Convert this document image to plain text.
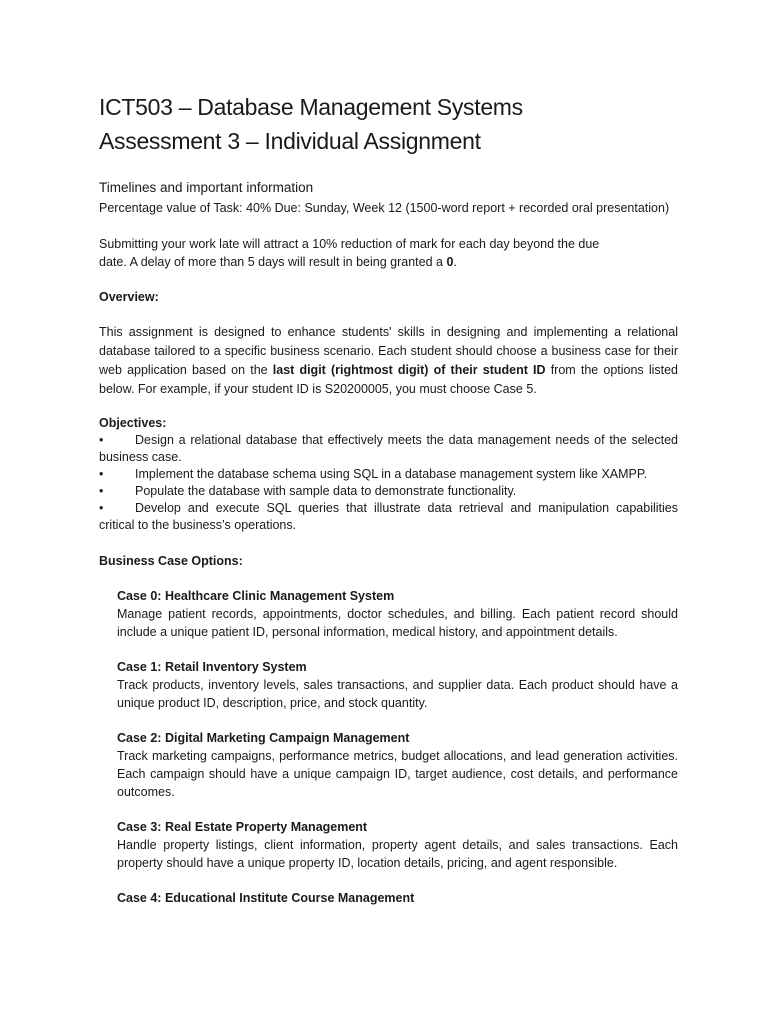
ICT503 – Database Management Systems
Assessment 3 – Individual Assignment

Timelines and important information

Percentage value of Task: 40% Due: Sunday, Week 12 (1500-word report + recorded oral presentation)

Submitting your work late will attract a 10% reduction of mark for each day beyond the due

date. A delay of more than 5 days will result in being granted a 0.

Overview:

This assignment is designed to enhance students' skills in designing and implementing a relational database tailored to a specific business scenario. Each student should choose a business case for their web application based on the last digit (rightmost digit) of their student ID from the options listed below. For example, if your student ID is S20200005, you must choose Case 5.

Objectives:

•	Design a relational database that effectively meets the data management needs of the selected
business case.
•	Implement the database schema using SQL in a database management system like XAMPP.
•	Populate the database with sample data to demonstrate functionality.
•	Develop and execute SQL queries that illustrate data retrieval and manipulation capabilities
critical to the business’s operations.

Business Case Options:

Case 0: Healthcare Clinic Management System

Manage patient records, appointments, doctor schedules, and billing. Each patient record should include a unique patient ID, personal information, medical history, and appointment details.

Case 1: Retail Inventory System

Track products, inventory levels, sales transactions, and supplier data. Each product should have a unique product ID, description, price, and stock quantity.

Case 2: Digital Marketing Campaign Management

Track marketing campaigns, performance metrics, budget allocations, and lead generation activities. Each campaign should have a unique campaign ID, target audience, cost details, and performance outcomes.

Case 3: Real Estate Property Management

Handle property listings, client information, property agent details, and sales transactions. Each property should have a unique property ID, location details, pricing, and agent responsible.

Case 4: Educational Institute Course Management
